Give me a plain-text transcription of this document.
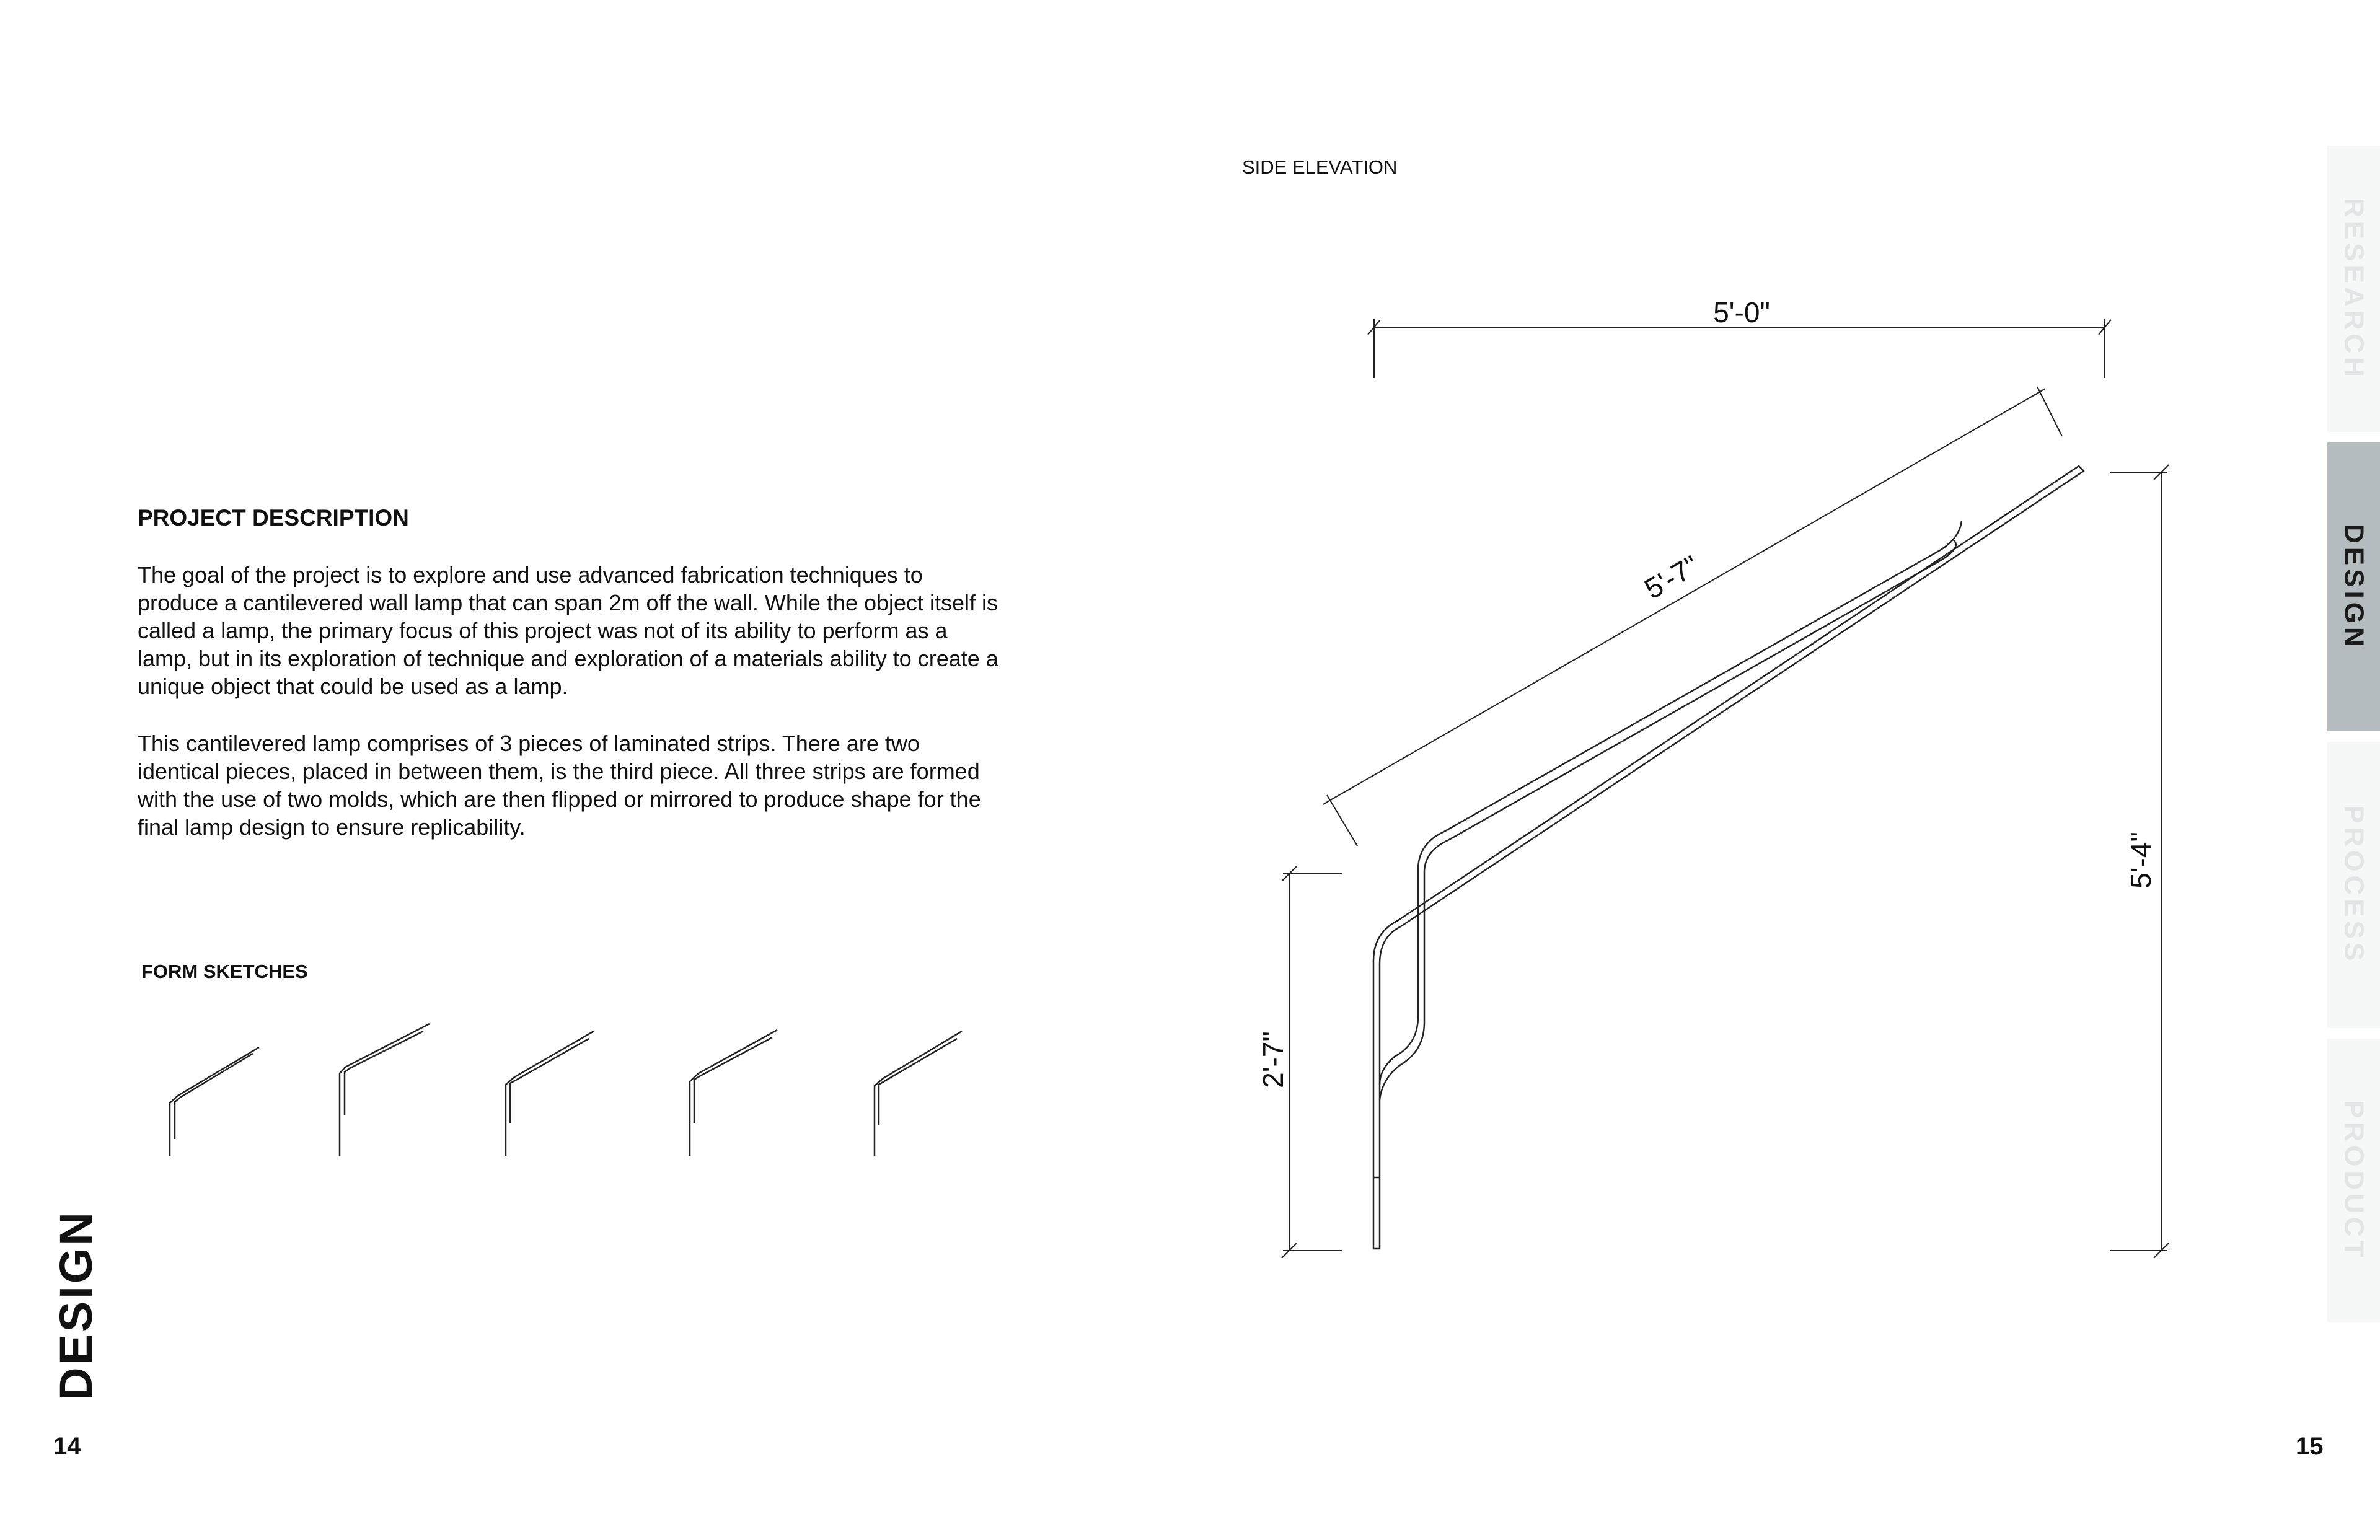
PROJECT DESCRIPTION

The goal of the project is to explore and use advanced fabrication techniques to produce a cantilevered wall lamp that can span 2m off the wall. While the object itself is called a lamp, the primary focus of this project was not of its ability to perform as a lamp, but in its exploration of technique and exploration of a materials ability to create a unique object that could be used as a lamp.

This cantilevered lamp comprises of 3 pieces of laminated strips. There are two identical pieces, placed in between them, is the third piece. All three strips are formed with the use of two molds, which are then flipped or mirrored to produce shape for the final lamp design to ensure replicability.

FORM SKETCHES
DESIGN
14
SIDE ELEVATION
5'-0"
5'-7"
5'-4"
2'-7"
15
RESEARCH
DESIGN
PROCESS
PRODUCT
